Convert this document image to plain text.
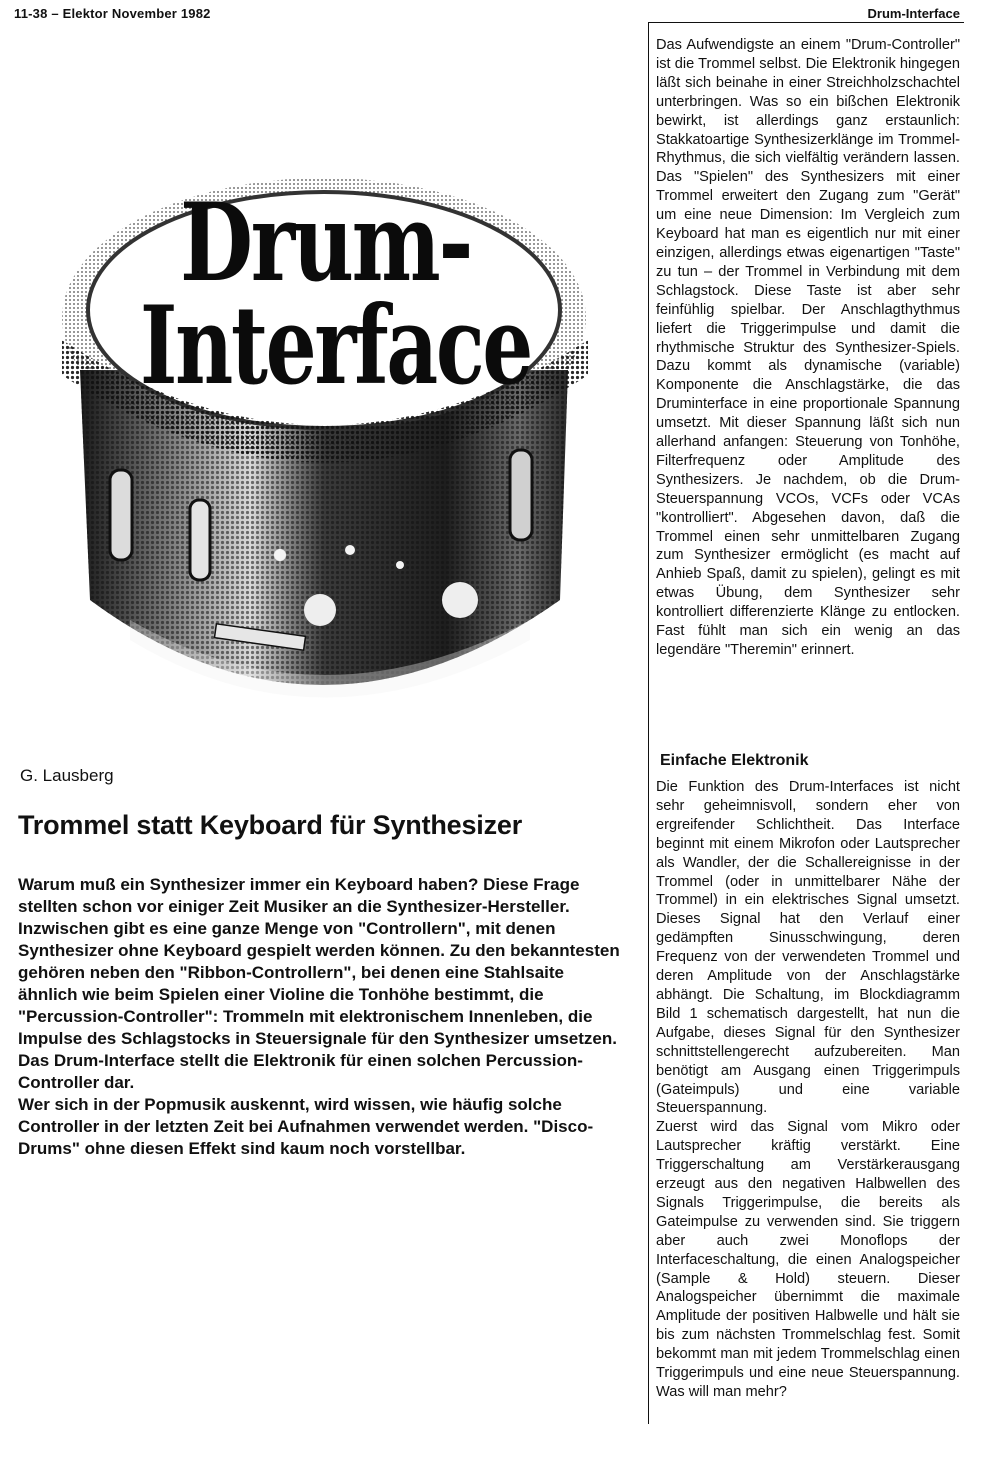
11-38 – Elektor November 1982	Drum-Interface
Drum-
Interface
G. Lausberg
Trommel statt Keyboard für Synthesizer

Warum muß ein Synthesizer immer ein Keyboard haben? Diese Frage stellten schon vor einiger Zeit Musiker an die Synthesizer-Hersteller. Inzwischen gibt es eine ganze Menge von "Controllern", mit denen Synthesizer ohne Keyboard gespielt werden können. Zu den bekanntesten gehören neben den "Ribbon-Controllern", bei denen eine Stahlsaite ähnlich wie beim Spielen einer Violine die Tonhöhe bestimmt, die "Percussion-Controller": Trommeln mit elektronischem Innenleben, die Impulse des Schlagstocks in Steuersignale für den Synthesizer umsetzen. Das Drum-Interface stellt die Elektronik für einen solchen Percussion-Controller dar.

Wer sich in der Popmusik auskennt, wird wissen, wie häufig solche Controller in der letzten Zeit bei Aufnahmen verwendet werden. "Disco-Drums" ohne diesen Effekt sind kaum noch vorstellbar.

Das Aufwendigste an einem "Drum-Controller" ist die Trommel selbst. Die Elektronik hingegen läßt sich beinahe in einer Streichholzschachtel unterbringen. Was so ein bißchen Elektronik bewirkt, ist allerdings ganz erstaunlich: Stakkatoartige Synthesizerklänge im Trommel-Rhythmus, die sich vielfältig verändern lassen. Das "Spielen" des Synthesizers mit einer Trommel erweitert den Zugang zum "Gerät" um eine neue Dimension: Im Vergleich zum Keyboard hat man es eigentlich nur mit einer einzigen, allerdings etwas eigenartigen "Taste" zu tun – der Trommel in Verbindung mit dem Schlagstock. Diese Taste ist aber sehr feinfühlig spielbar. Der Anschlagthythmus liefert die Triggerimpulse und damit die rhythmische Struktur des Synthesizer-Spiels. Dazu kommt als dynamische (variable) Komponente die Anschlagstärke, die das Druminterface in eine proportionale Spannung umsetzt. Mit dieser Spannung läßt sich nun allerhand anfangen: Steuerung von Tonhöhe, Filterfrequenz oder Amplitude des Synthesizers. Je nachdem, ob die Drum-Steuerspannung VCOs, VCFs oder VCAs "kontrolliert". Abgesehen davon, daß die Trommel einen sehr unmittelbaren Zugang zum Synthesizer ermöglicht (es macht auf Anhieb Spaß, damit zu spielen), gelingt es mit etwas Übung, dem Synthesizer sehr kontrolliert differenzierte Klänge zu entlocken. Fast fühlt man sich ein wenig an das legendäre "Theremin" erinnert.

Einfache Elektronik

Die Funktion des Drum-Interfaces ist nicht sehr geheimnisvoll, sondern eher von ergreifender Schlichtheit. Das Interface beginnt mit einem Mikrofon oder Lautsprecher als Wandler, der die Schallereignisse in der Trommel (oder in unmittelbarer Nähe der Trommel) in ein elektrisches Signal umsetzt. Dieses Signal hat den Verlauf einer gedämpften Sinusschwingung, deren Frequenz von der verwendeten Trommel und deren Amplitude von der Anschlagstärke abhängt. Die Schaltung, im Blockdiagramm Bild 1 schematisch dargestellt, hat nun die Aufgabe, dieses Signal für den Synthesizer schnittstellengerecht aufzubereiten. Man benötigt am Ausgang einen Triggerimpuls (Gateimpuls) und eine variable Steuerspannung.

Zuerst wird das Signal vom Mikro oder Lautsprecher kräftig verstärkt. Eine Triggerschaltung am Verstärkerausgang erzeugt aus den negativen Halbwellen des Signals Triggerimpulse, die bereits als Gateimpulse zu verwenden sind. Sie triggern aber auch zwei Monoflops der Interfaceschaltung, die einen Analogspeicher (Sample & Hold) steuern. Dieser Analogspeicher übernimmt die maximale Amplitude der positiven Halbwelle und hält sie bis zum nächsten Trommelschlag fest. Somit bekommt man mit jedem Trommelschlag einen Triggerimpuls und eine neue Steuerspannung. Was will man mehr?
